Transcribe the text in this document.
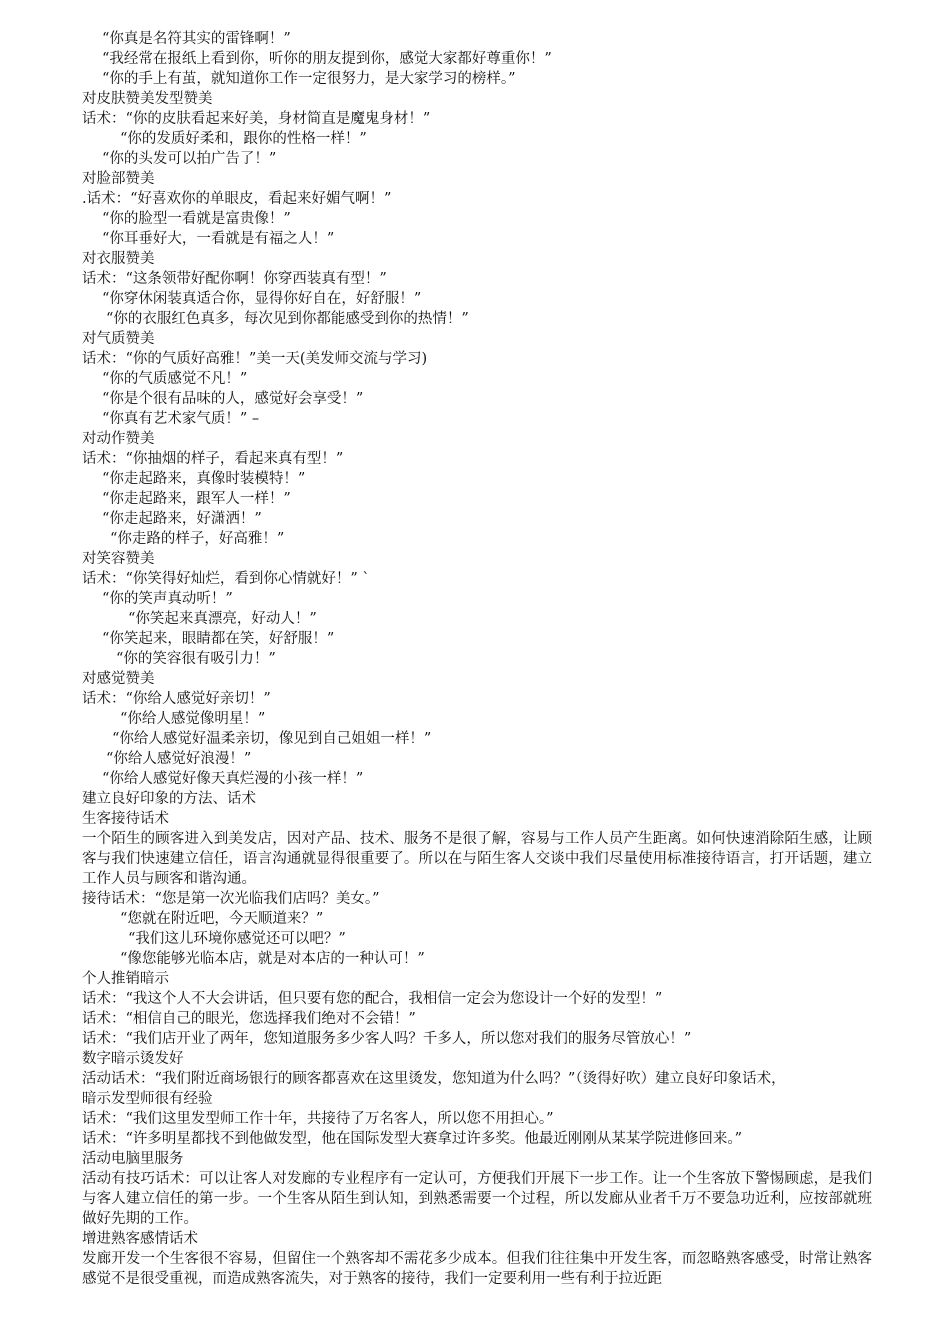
“你真是名符其实的雷锋啊！”
“我经常在报纸上看到你，听你的朋友提到你，感觉大家都好尊重你！”
“你的手上有茧，就知道你工作一定很努力，是大家学习的榜样。”
对皮肤赞美发型赞美
话术：“你的皮肤看起来好美，身材简直是魔鬼身材！”
“你的发质好柔和，跟你的性格一样！”
“你的头发可以拍广告了！”
对脸部赞美
.话术：“好喜欢你的单眼皮，看起来好媚气啊！”
“你的脸型一看就是富贵像！”
“你耳垂好大，一看就是有福之人！”
对衣服赞美
话术：“这条领带好配你啊！你穿西装真有型！”
“你穿休闲装真适合你，显得你好自在，好舒服！”
“你的衣服红色真多，每次见到你都能感受到你的热情！”
对气质赞美
话术：“你的气质好高雅！”美一天(美发师交流与学习)
“你的气质感觉不凡！”
“你是个很有品味的人，感觉好会享受！”
“你真有艺术家气质！” –
对动作赞美
话术：“你抽烟的样子，看起来真有型！”
“你走起路来，真像时装模特！”
“你走起路来，跟军人一样！”
“你走起路来，好潇洒！”
“你走路的样子，好高雅！”
对笑容赞美
话术：“你笑得好灿烂，看到你心情就好！” `
“你的笑声真动听！”
“你笑起来真漂亮，好动人！”
“你笑起来，眼睛都在笑，好舒服！”
“你的笑容很有吸引力！”
对感觉赞美
话术：“你给人感觉好亲切！”
“你给人感觉像明星！”
“你给人感觉好温柔亲切，像见到自己姐姐一样！”
“你给人感觉好浪漫！”
“你给人感觉好像天真烂漫的小孩一样！”
建立良好印象的方法、话术
生客接待话术
一个陌生的顾客进入到美发店，因对产品、技术、服务不是很了解，容易与工作人员产生距离。如何快速消除陌生感，让顾客与我们快速建立信任，语言沟通就显得很重要了。所以在与陌生客人交谈中我们尽量使用标准接待语言，打开话题，建立工作人员与顾客和谐沟通。
接待话术：“您是第一次光临我们店吗？美女。”
“您就在附近吧，今天顺道来？”
“我们这儿环境你感觉还可以吧？”
“像您能够光临本店，就是对本店的一种认可！”
个人推销暗示
话术：“我这个人不大会讲话，但只要有您的配合，我相信一定会为您设计一个好的发型！”
话术：“相信自己的眼光，您选择我们绝对不会错！”
话术：“我们店开业了两年，您知道服务多少客人吗？千多人，所以您对我们的服务尽管放心！”
数字暗示烫发好
活动话术：“我们附近商场银行的顾客都喜欢在这里烫发，您知道为什么吗？”（烫得好吹）建立良好印象话术，
暗示发型师很有经验
话术：“我们这里发型师工作十年，共接待了万名客人，所以您不用担心。”
话术：“许多明星都找不到他做发型，他在国际发型大赛拿过许多奖。他最近刚刚从某某学院进修回来。”
活动电脑里服务
活动有技巧话术：可以让客人对发廊的专业程序有一定认可，方便我们开展下一步工作。让一个生客放下警惕顾虑，是我们与客人建立信任的第一步。一个生客从陌生到认知，到熟悉需要一个过程，所以发廊从业者千万不要急功近利，应按部就班做好先期的工作。
增进熟客感情话术
发廊开发一个生客很不容易，但留住一个熟客却不需花多少成本。但我们往往集中开发生客，而忽略熟客感受，时常让熟客感觉不是很受重视，而造成熟客流失，对于熟客的接待，我们一定要利用一些有利于拉近距
